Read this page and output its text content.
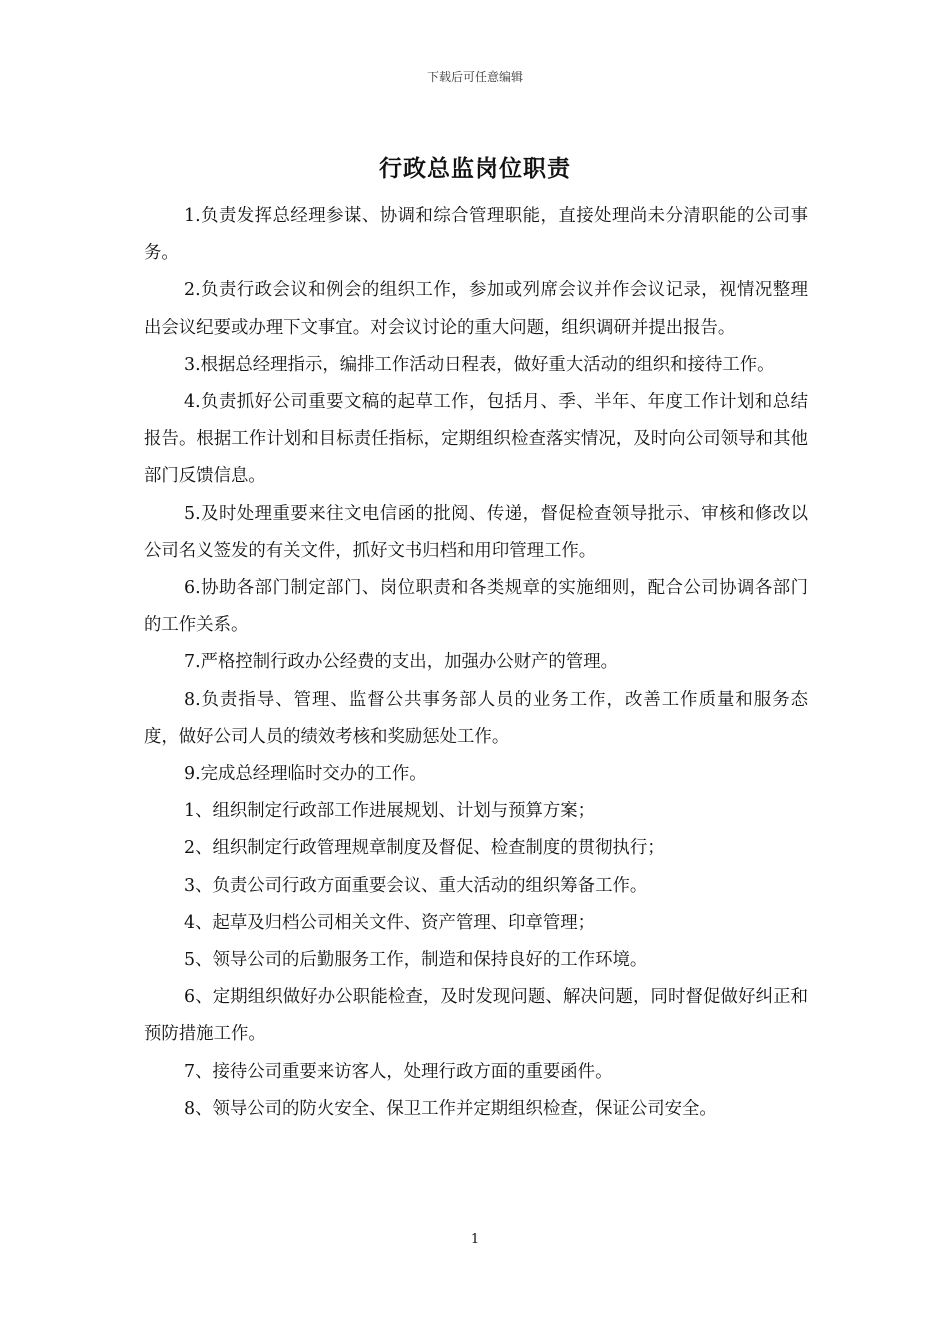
下载后可任意编辑
行政总监岗位职责

1.负责发挥总经理参谋、协调和综合管理职能，直接处理尚未分清职能的公司事务。

2.负责行政会议和例会的组织工作，参加或列席会议并作会议记录，视情况整理出会议纪要或办理下文事宜。对会议讨论的重大问题，组织调研并提出报告。

3.根据总经理指示，编排工作活动日程表，做好重大活动的组织和接待工作。

4.负责抓好公司重要文稿的起草工作，包括月、季、半年、年度工作计划和总结报告。根据工作计划和目标责任指标，定期组织检查落实情况，及时向公司领导和其他部门反馈信息。

5.及时处理重要来往文电信函的批阅、传递，督促检查领导批示、审核和修改以公司名义签发的有关文件，抓好文书归档和用印管理工作。

6.协助各部门制定部门、岗位职责和各类规章的实施细则，配合公司协调各部门的工作关系。

7.严格控制行政办公经费的支出，加强办公财产的管理。

8.负责指导、管理、监督公共事务部人员的业务工作，改善工作质量和服务态度，做好公司人员的绩效考核和奖励惩处工作。

9.完成总经理临时交办的工作。

1、组织制定行政部工作进展规划、计划与预算方案；

2、组织制定行政管理规章制度及督促、检查制度的贯彻执行；

3、负责公司行政方面重要会议、重大活动的组织筹备工作。

4、起草及归档公司相关文件、资产管理、印章管理；

5、领导公司的后勤服务工作，制造和保持良好的工作环境。

6、定期组织做好办公职能检查，及时发现问题、解决问题，同时督促做好纠正和预防措施工作。

7、接待公司重要来访客人，处理行政方面的重要函件。

8、领导公司的防火安全、保卫工作并定期组织检查，保证公司安全。

1
